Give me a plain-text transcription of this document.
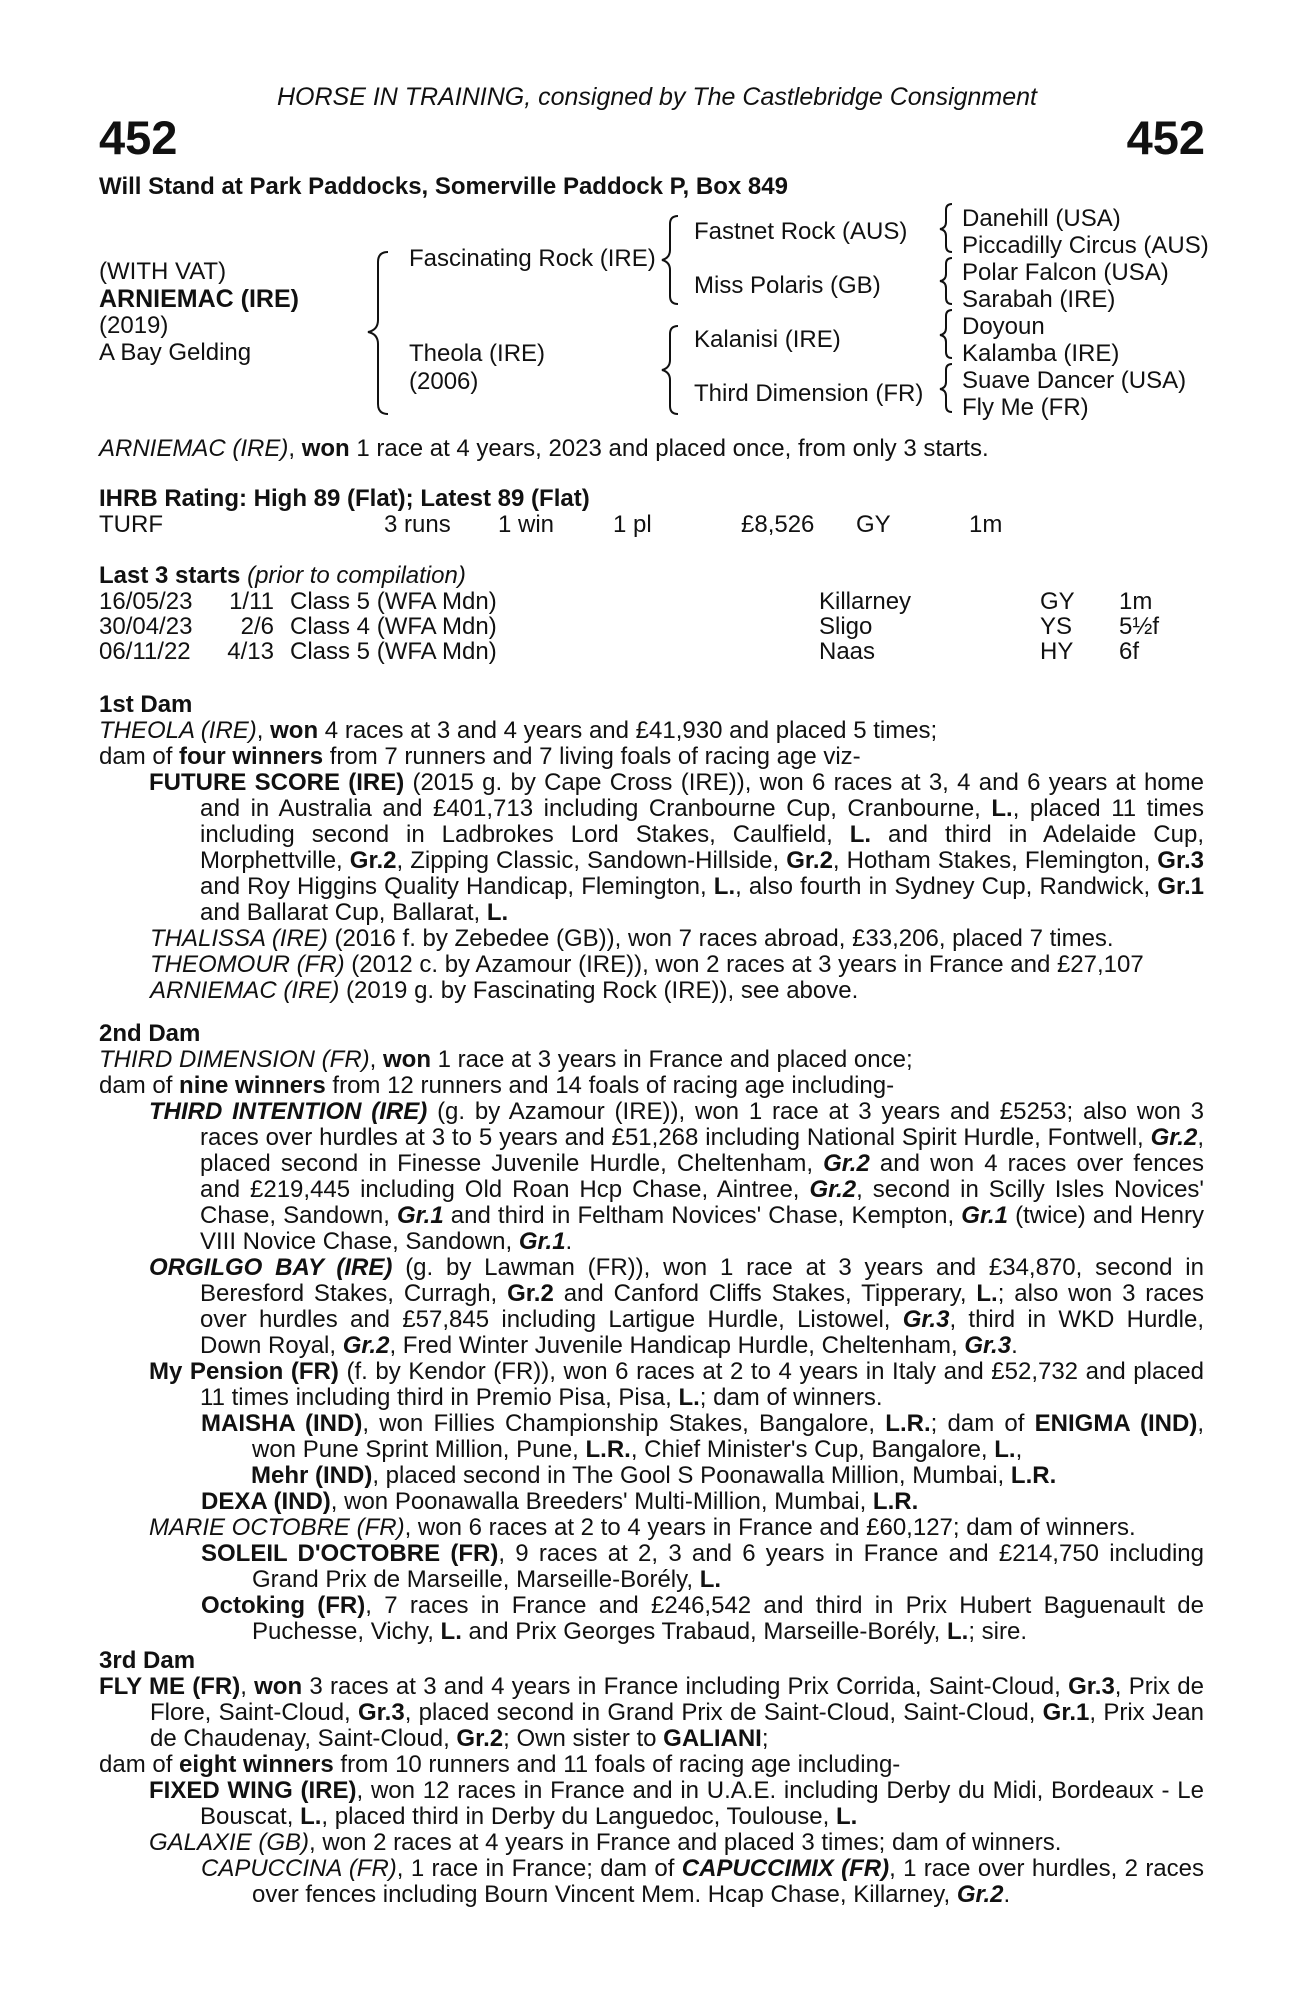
HORSE IN TRAINING, consigned by The Castlebridge Consignment
452	452
Will Stand at Park Paddocks, Somerville Paddock P, Box 849
(WITH VAT)
ARNIEMAC (IRE)
(2019)
A Bay Gelding
Fascinating Rock (IRE)
Theola (IRE)
(2006)
Fastnet Rock (AUS)
Miss Polaris (GB)
Kalanisi (IRE)
Third Dimension (FR)
Danehill (USA)
Piccadilly Circus (AUS)
Polar Falcon (USA)
Sarabah (IRE)
Doyoun
Kalamba (IRE)
Suave Dancer (USA)
Fly Me (FR)
ARNIEMAC (IRE), won 1 race at 4 years, 2023 and placed once, from only 3 starts.
IHRB Rating: High 89 (Flat); Latest 89 (Flat)
TURF	3 runs 1 win 1 pl	£8,526 GY	1m
Last 3 starts (prior to compilation)
16/05/23	1/11 Class 5 (WFA Mdn)	Killarney	GY 1m
30/04/23	2/6 Class 4 (WFA Mdn)	Sligo	YS 5½f
06/11/22	4/13 Class 5 (WFA Mdn)	Naas	HY 6f

1st Dam

THEOLA (IRE), won 4 races at 3 and 4 years and £41,930 and placed 5 times;

dam of four winners from 7 runners and 7 living foals of racing age viz-

FUTURE SCORE (IRE) (2015 g. by Cape Cross (IRE)), won 6 races at 3, 4 and 6 years at home and in Australia and £401,713 including Cranbourne Cup, Cranbourne, L., placed 11 times including second in Ladbrokes Lord Stakes, Caulfield, L. and third in Adelaide Cup, Morphettville, Gr.2, Zipping Classic, Sandown-Hillside, Gr.2, Hotham Stakes, Flemington, Gr.3 and Roy Higgins Quality Handicap, Flemington, L., also fourth in Sydney Cup, Randwick, Gr.1 and Ballarat Cup, Ballarat, L.

THALISSA (IRE) (2016 f. by Zebedee (GB)), won 7 races abroad, £33,206, placed 7 times.

THEOMOUR (FR) (2012 c. by Azamour (IRE)), won 2 races at 3 years in France and £27,107

ARNIEMAC (IRE) (2019 g. by Fascinating Rock (IRE)), see above.

2nd Dam

THIRD DIMENSION (FR), won 1 race at 3 years in France and placed once;

dam of nine winners from 12 runners and 14 foals of racing age including-

THIRD INTENTION (IRE) (g. by Azamour (IRE)), won 1 race at 3 years and £5253; also won 3 races over hurdles at 3 to 5 years and £51,268 including National Spirit Hurdle, Fontwell, Gr.2, placed second in Finesse Juvenile Hurdle, Cheltenham, Gr.2 and won 4 races over fences and £219,445 including Old Roan Hcp Chase, Aintree, Gr.2, second in Scilly Isles Novices' Chase, Sandown, Gr.1 and third in Feltham Novices' Chase, Kempton, Gr.1 (twice) and Henry VIII Novice Chase, Sandown, Gr.1.

ORGILGO BAY (IRE) (g. by Lawman (FR)), won 1 race at 3 years and £34,870, second in Beresford Stakes, Curragh, Gr.2 and Canford Cliffs Stakes, Tipperary, L.; also won 3 races over hurdles and £57,845 including Lartigue Hurdle, Listowel, Gr.3, third in WKD Hurdle, Down Royal, Gr.2, Fred Winter Juvenile Handicap Hurdle, Cheltenham, Gr.3.

My Pension (FR) (f. by Kendor (FR)), won 6 races at 2 to 4 years in Italy and £52,732 and placed 11 times including third in Premio Pisa, Pisa, L.; dam of winners.

MAISHA (IND), won Fillies Championship Stakes, Bangalore, L.R.; dam of ENIGMA (IND), won Pune Sprint Million, Pune, L.R., Chief Minister's Cup, Bangalore, L.,

Mehr (IND), placed second in The Gool S Poonawalla Million, Mumbai, L.R.

DEXA (IND), won Poonawalla Breeders' Multi-Million, Mumbai, L.R.

MARIE OCTOBRE (FR), won 6 races at 2 to 4 years in France and £60,127; dam of winners.

SOLEIL D'OCTOBRE (FR), 9 races at 2, 3 and 6 years in France and £214,750 including Grand Prix de Marseille, Marseille-Borély, L.

Octoking (FR), 7 races in France and £246,542 and third in Prix Hubert Baguenault de Puchesse, Vichy, L. and Prix Georges Trabaud, Marseille-Borély, L.; sire.

3rd Dam

FLY ME (FR), won 3 races at 3 and 4 years in France including Prix Corrida, Saint-Cloud, Gr.3, Prix de Flore, Saint-Cloud, Gr.3, placed second in Grand Prix de Saint-Cloud, Saint-Cloud, Gr.1, Prix Jean de Chaudenay, Saint-Cloud, Gr.2; Own sister to GALIANI;

dam of eight winners from 10 runners and 11 foals of racing age including-

FIXED WING (IRE), won 12 races in France and in U.A.E. including Derby du Midi, Bordeaux - Le Bouscat, L., placed third in Derby du Languedoc, Toulouse, L.

GALAXIE (GB), won 2 races at 4 years in France and placed 3 times; dam of winners.

CAPUCCINA (FR), 1 race in France; dam of CAPUCCIMIX (FR), 1 race over hurdles, 2 races over fences including Bourn Vincent Mem. Hcap Chase, Killarney, Gr.2.
